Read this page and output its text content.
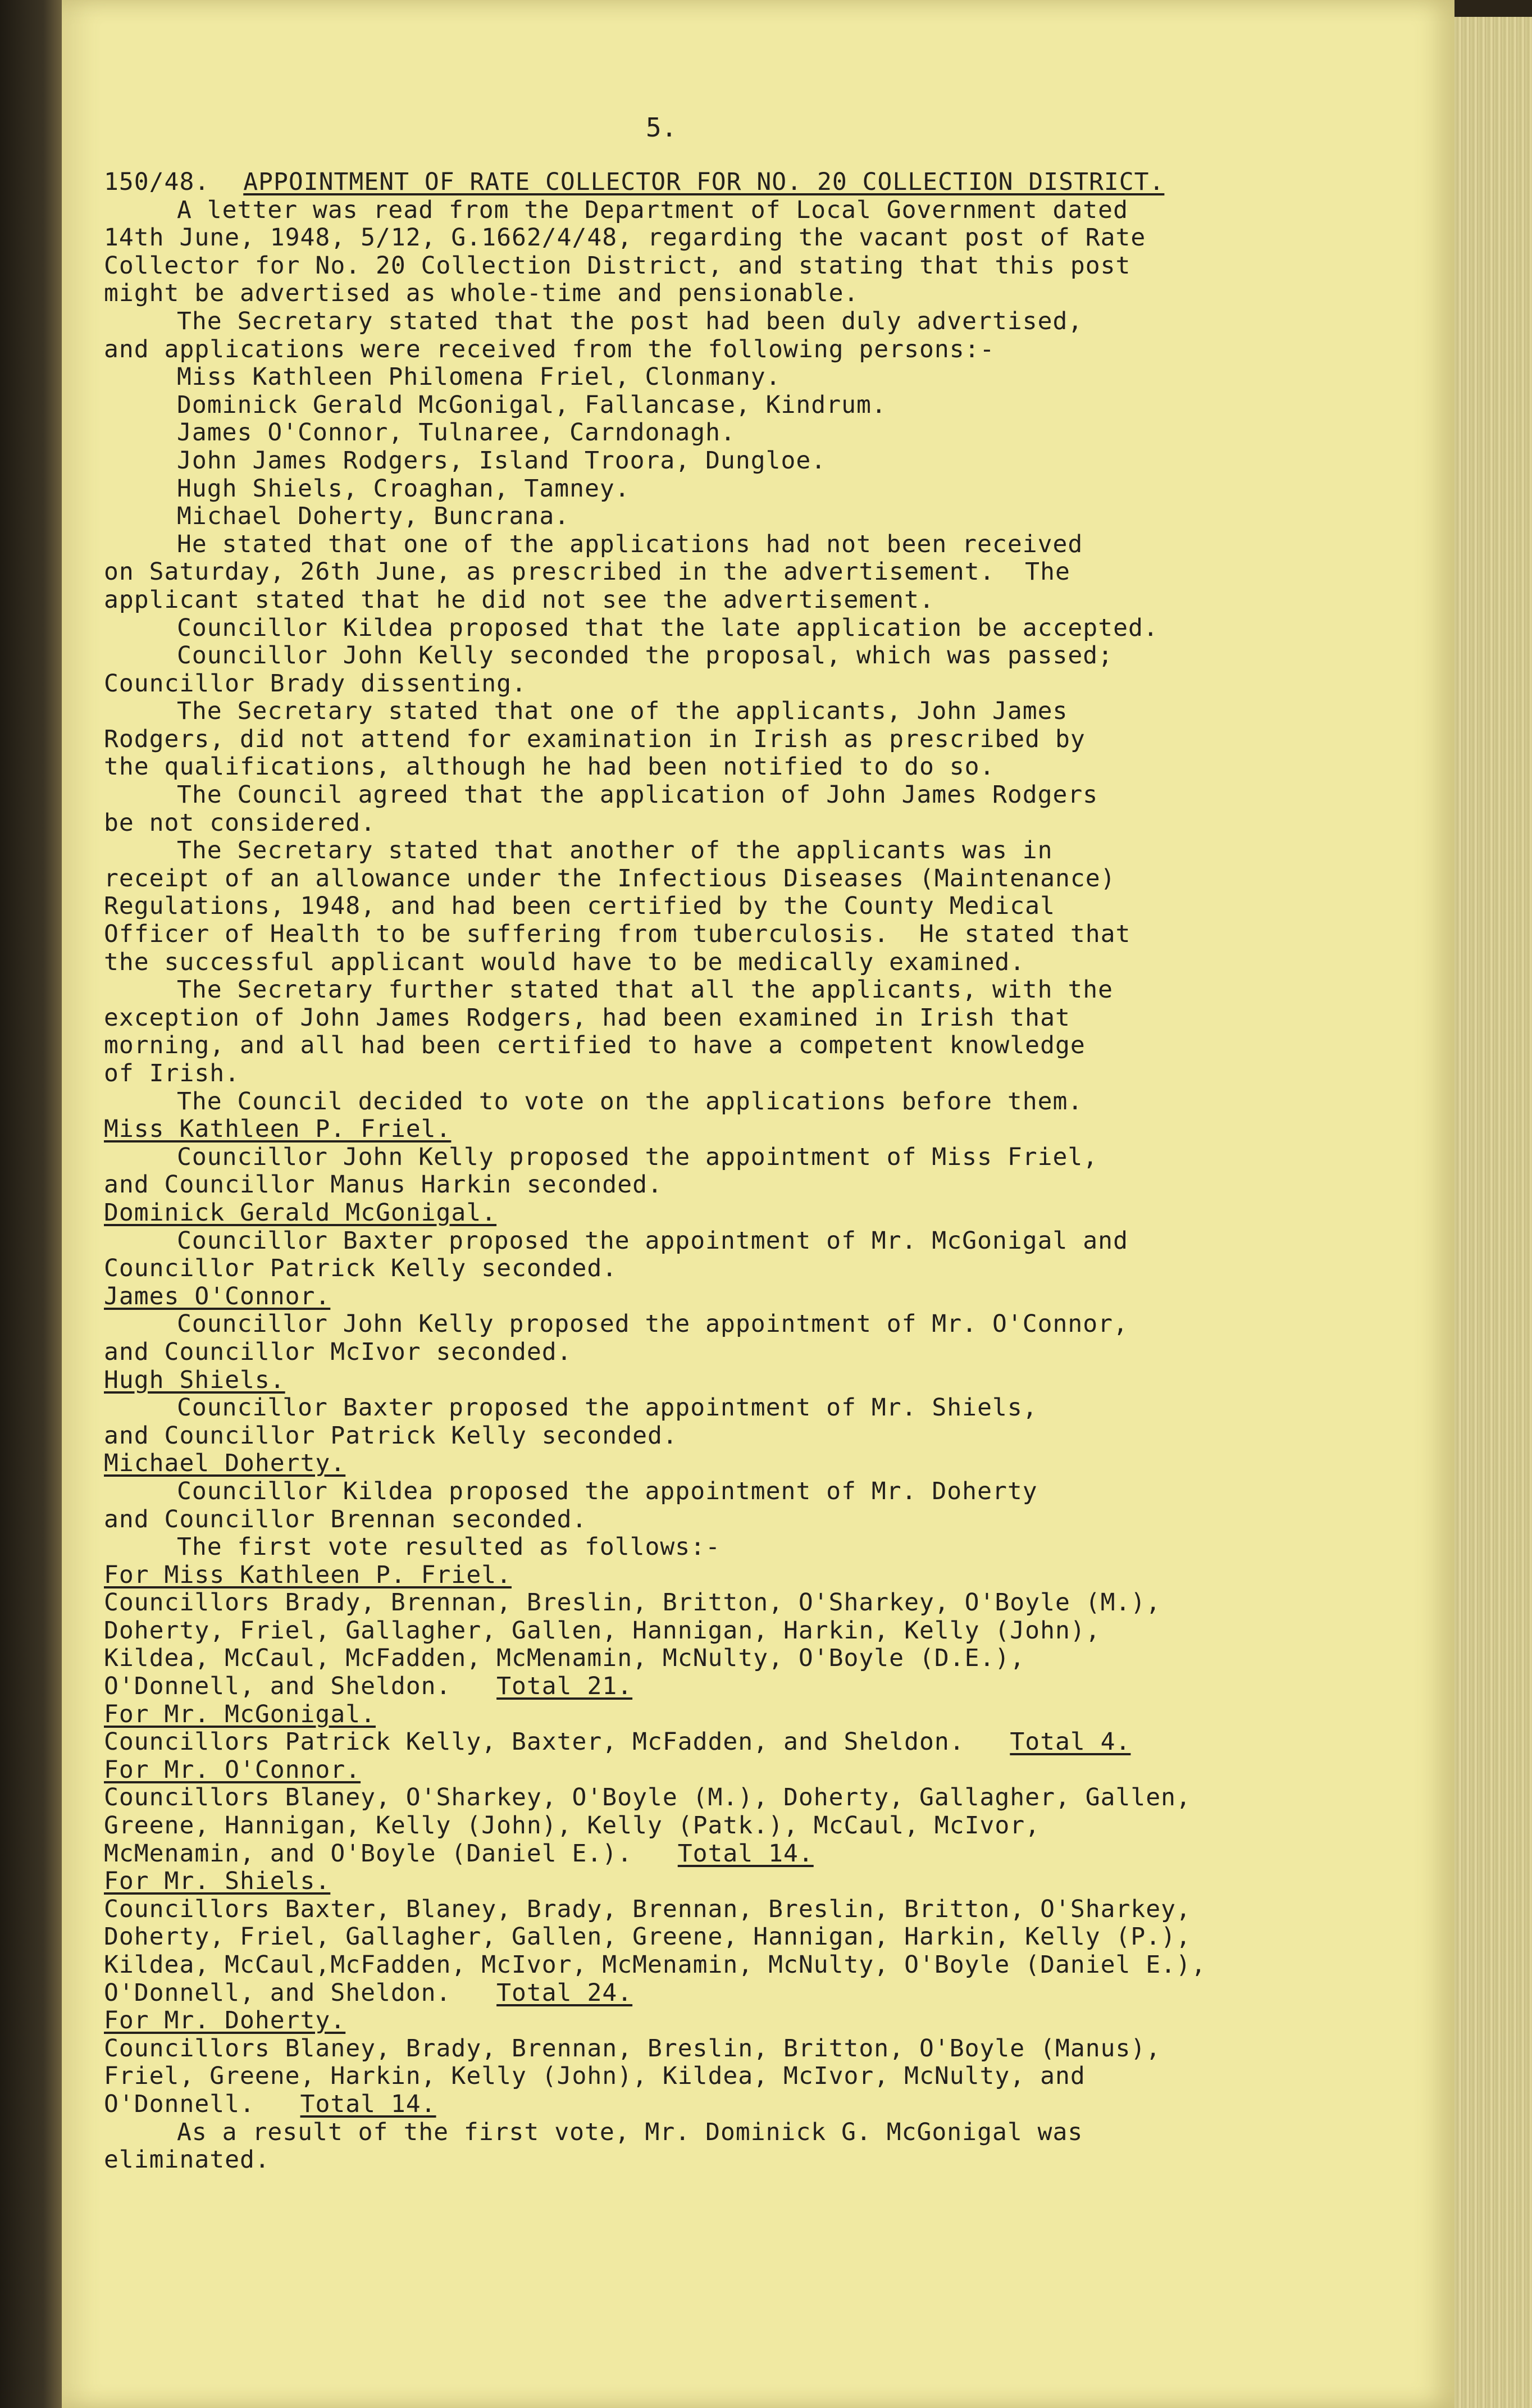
5.
150/48. APPOINTMENT OF RATE COLLECTOR FOR NO. 20 COLLECTION DISTRICT.
A letter was read from the Department of Local Government dated
14th June, 1948, 5/12, G.1662/4/48, regarding the vacant post of Rate
Collector for No. 20 Collection District, and stating that this post
might be advertised as whole-time and pensionable.
The Secretary stated that the post had been duly advertised,
and applications were received from the following persons:-
Miss Kathleen Philomena Friel, Clonmany.
Dominick Gerald McGonigal, Fallancase, Kindrum.
James O'Connor, Tulnaree, Carndonagh.
John James Rodgers, Island Troora, Dungloe.
Hugh Shiels, Croaghan, Tamney.
Michael Doherty, Buncrana.
He stated that one of the applications had not been received
on Saturday, 26th June, as prescribed in the advertisement.  The
applicant stated that he did not see the advertisement.
Councillor Kildea proposed that the late application be accepted.
Councillor John Kelly seconded the proposal, which was passed;
Councillor Brady dissenting.
The Secretary stated that one of the applicants, John James
Rodgers, did not attend for examination in Irish as prescribed by
the qualifications, although he had been notified to do so.
The Council agreed that the application of John James Rodgers
be not considered.
The Secretary stated that another of the applicants was in
receipt of an allowance under the Infectious Diseases (Maintenance)
Regulations, 1948, and had been certified by the County Medical
Officer of Health to be suffering from tuberculosis.  He stated that
the successful applicant would have to be medically examined.
The Secretary further stated that all the applicants, with the
exception of John James Rodgers, had been examined in Irish that
morning, and all had been certified to have a competent knowledge
of Irish.
The Council decided to vote on the applications before them.
Miss Kathleen P. Friel.
Councillor John Kelly proposed the appointment of Miss Friel,
and Councillor Manus Harkin seconded.
Dominick Gerald McGonigal.
Councillor Baxter proposed the appointment of Mr. McGonigal and
Councillor Patrick Kelly seconded.
James O'Connor.
Councillor John Kelly proposed the appointment of Mr. O'Connor,
and Councillor McIvor seconded.
Hugh Shiels.
Councillor Baxter proposed the appointment of Mr. Shiels,
and Councillor Patrick Kelly seconded.
Michael Doherty.
Councillor Kildea proposed the appointment of Mr. Doherty
and Councillor Brennan seconded.
The first vote resulted as follows:-
For Miss Kathleen P. Friel.
Councillors Brady, Brennan, Breslin, Britton, O'Sharkey, O'Boyle (M.),
Doherty, Friel, Gallagher, Gallen, Hannigan, Harkin, Kelly (John),
Kildea, McCaul, McFadden, McMenamin, McNulty, O'Boyle (D.E.),
O'Donnell, and Sheldon. Total 21.
For Mr. McGonigal.
Councillors Patrick Kelly, Baxter, McFadden, and Sheldon. Total 4.
For Mr. O'Connor.
Councillors Blaney, O'Sharkey, O'Boyle (M.), Doherty, Gallagher, Gallen,
Greene, Hannigan, Kelly (John), Kelly (Patk.), McCaul, McIvor,
McMenamin, and O'Boyle (Daniel E.). Total 14.
For Mr. Shiels.
Councillors Baxter, Blaney, Brady, Brennan, Breslin, Britton, O'Sharkey,
Doherty, Friel, Gallagher, Gallen, Greene, Hannigan, Harkin, Kelly (P.),
Kildea, McCaul,McFadden, McIvor, McMenamin, McNulty, O'Boyle (Daniel E.),
O'Donnell, and Sheldon. Total 24.
For Mr. Doherty.
Councillors Blaney, Brady, Brennan, Breslin, Britton, O'Boyle (Manus),
Friel, Greene, Harkin, Kelly (John), Kildea, McIvor, McNulty, and
O'Donnell. Total 14.
As a result of the first vote, Mr. Dominick G. McGonigal was
eliminated.
